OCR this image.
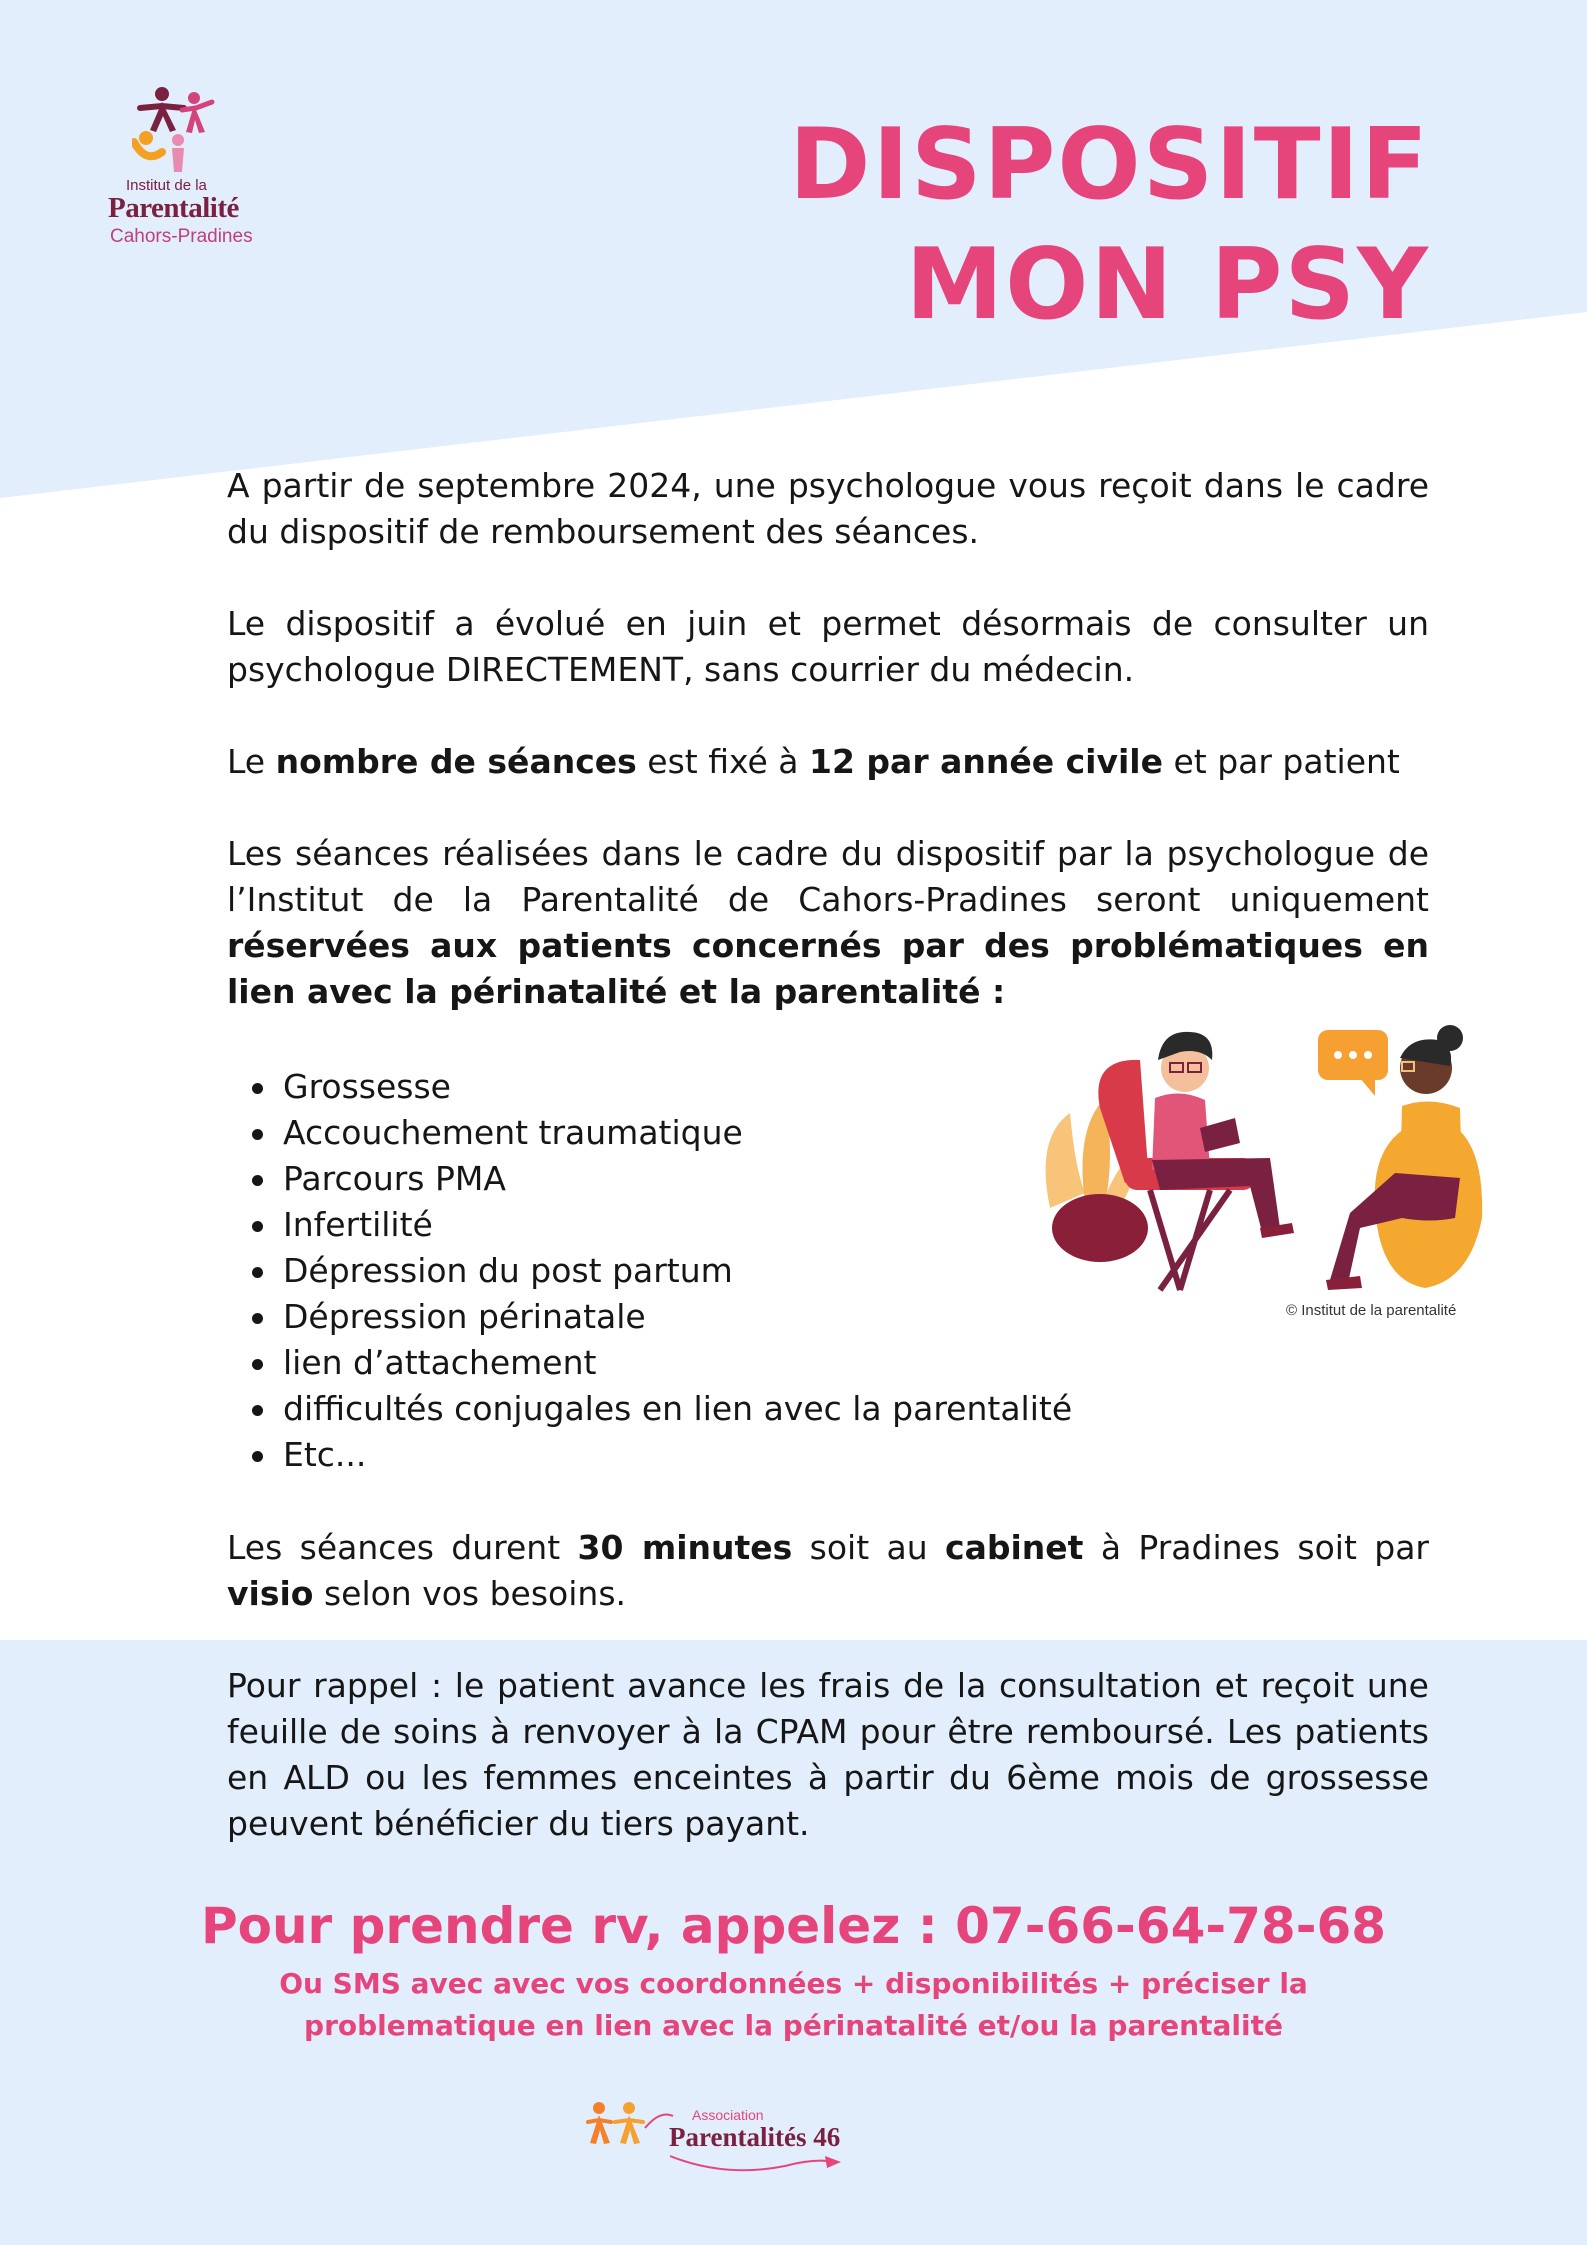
Institut de la
Parentalité
Cahors-Pradines
DISPOSITIF
MON PSY

A partir de septembre 2024, une psychologue vous reçoit dans le cadre du dispositif de remboursement des séances.

Le dispositif a évolué en juin et permet désormais de consulter un psychologue DIRECTEMENT, sans courrier du médecin.

Le nombre de séances est fixé à 12 par année civile et par patient

Les séances réalisées dans le cadre du dispositif par la psychologue de l’Institut de la Parentalité de Cahors-Pradines seront uniquement réservées aux patients concernés par des problématiques en lien avec la périnatalité et la parentalité :

Grossesse
Accouchement traumatique
Parcours PMA
Infertilité
Dépression du post partum
Dépression périnatale
lien d’attachement
difficultés conjugales en lien avec la parentalité
Etc...
© Institut de la parentalité

Les séances durent 30 minutes soit au cabinet à Pradines soit par visio selon vos besoins.

Pour rappel : le patient avance les frais de la consultation et reçoit une feuille de soins à renvoyer à la CPAM pour être remboursé. Les patients en ALD ou les femmes enceintes à partir du 6ème mois de grossesse peuvent bénéficier du tiers payant.

Pour prendre rv, appelez : 07-66-64-78-68
Ou SMS avec avec vos coordonnées + disponibilités + préciser la
problematique en lien avec la périnatalité et/ou la parentalité
Association
Parentalités 46
